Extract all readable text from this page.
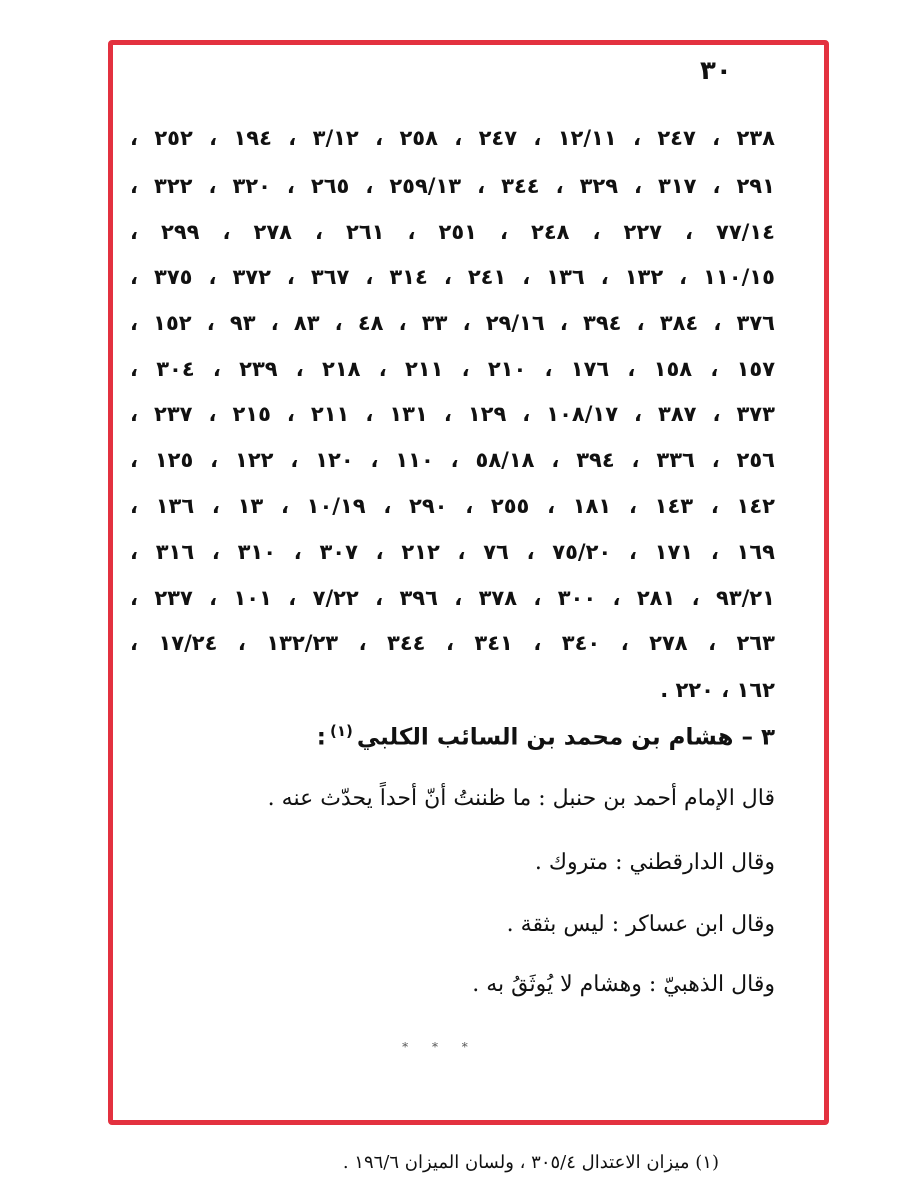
٣٠
٢٣٨ ، ٢٤٧ ، ١٢/١١ ، ٢٤٧ ، ٢٥٨ ، ٣/١٢ ، ١٩٤ ، ٢٥٢ ،
٢٩١ ، ٣١٧ ، ٣٢٩ ، ٣٤٤ ، ٢٥٩/١٣ ، ٢٦٥ ، ٣٢٠ ، ٣٢٢ ،
٧٧/١٤ ، ٢٢٧ ، ٢٤٨ ، ٢٥١ ، ٢٦١ ، ٢٧٨ ، ٢٩٩ ،
١١٠/١٥ ، ١٣٢ ، ١٣٦ ، ٢٤١ ، ٣١٤ ، ٣٦٧ ، ٣٧٢ ، ٣٧٥ ،
٣٧٦ ، ٣٨٤ ، ٣٩٤ ، ٢٩/١٦ ، ٣٣ ، ٤٨ ، ٨٣ ، ٩٣ ، ١٥٢ ،
١٥٧ ، ١٥٨ ، ١٧٦ ، ٢١٠ ، ٢١١ ، ٢١٨ ، ٢٣٩ ، ٣٠٤ ،
٣٧٣ ، ٣٨٧ ، ١٠٨/١٧ ، ١٢٩ ، ١٣١ ، ٢١١ ، ٢١٥ ، ٢٣٧ ،
٢٥٦ ، ٣٣٦ ، ٣٩٤ ، ٥٨/١٨ ، ١١٠ ، ١٢٠ ، ١٢٢ ، ١٢٥ ،
١٤٢ ، ١٤٣ ، ١٨١ ، ٢٥٥ ، ٢٩٠ ، ١٠/١٩ ، ١٣ ، ١٣٦ ،
١٦٩ ، ١٧١ ، ٧٥/٢٠ ، ٧٦ ، ٢١٢ ، ٣٠٧ ، ٣١٠ ، ٣١٦ ،
٩٣/٢١ ، ٢٨١ ، ٣٠٠ ، ٣٧٨ ، ٣٩٦ ، ٧/٢٢ ، ١٠١ ، ٢٣٧ ،
٢٦٣ ، ٢٧٨ ، ٣٤٠ ، ٣٤١ ، ٣٤٤ ، ١٣٢/٢٣ ، ١٧/٢٤ ،
١٦٢ ، ٢٢٠ .
٣ – هشام بن محمد بن السائب الكلبي$^{(١)}$:
قال الإمام أحمد بن حنبل : ما ظننتُ أنّ أحداً يحدّث عنه .
وقال الدارقطني : متروك .
وقال ابن عساكر : ليس بثقة .
وقال الذهبيّ : وهشام لا يُوثَقُ به .
* * *
(١) ميزان الاعتدال ٣٠٥/٤ ، ولسان الميزان ١٩٦/٦ .
